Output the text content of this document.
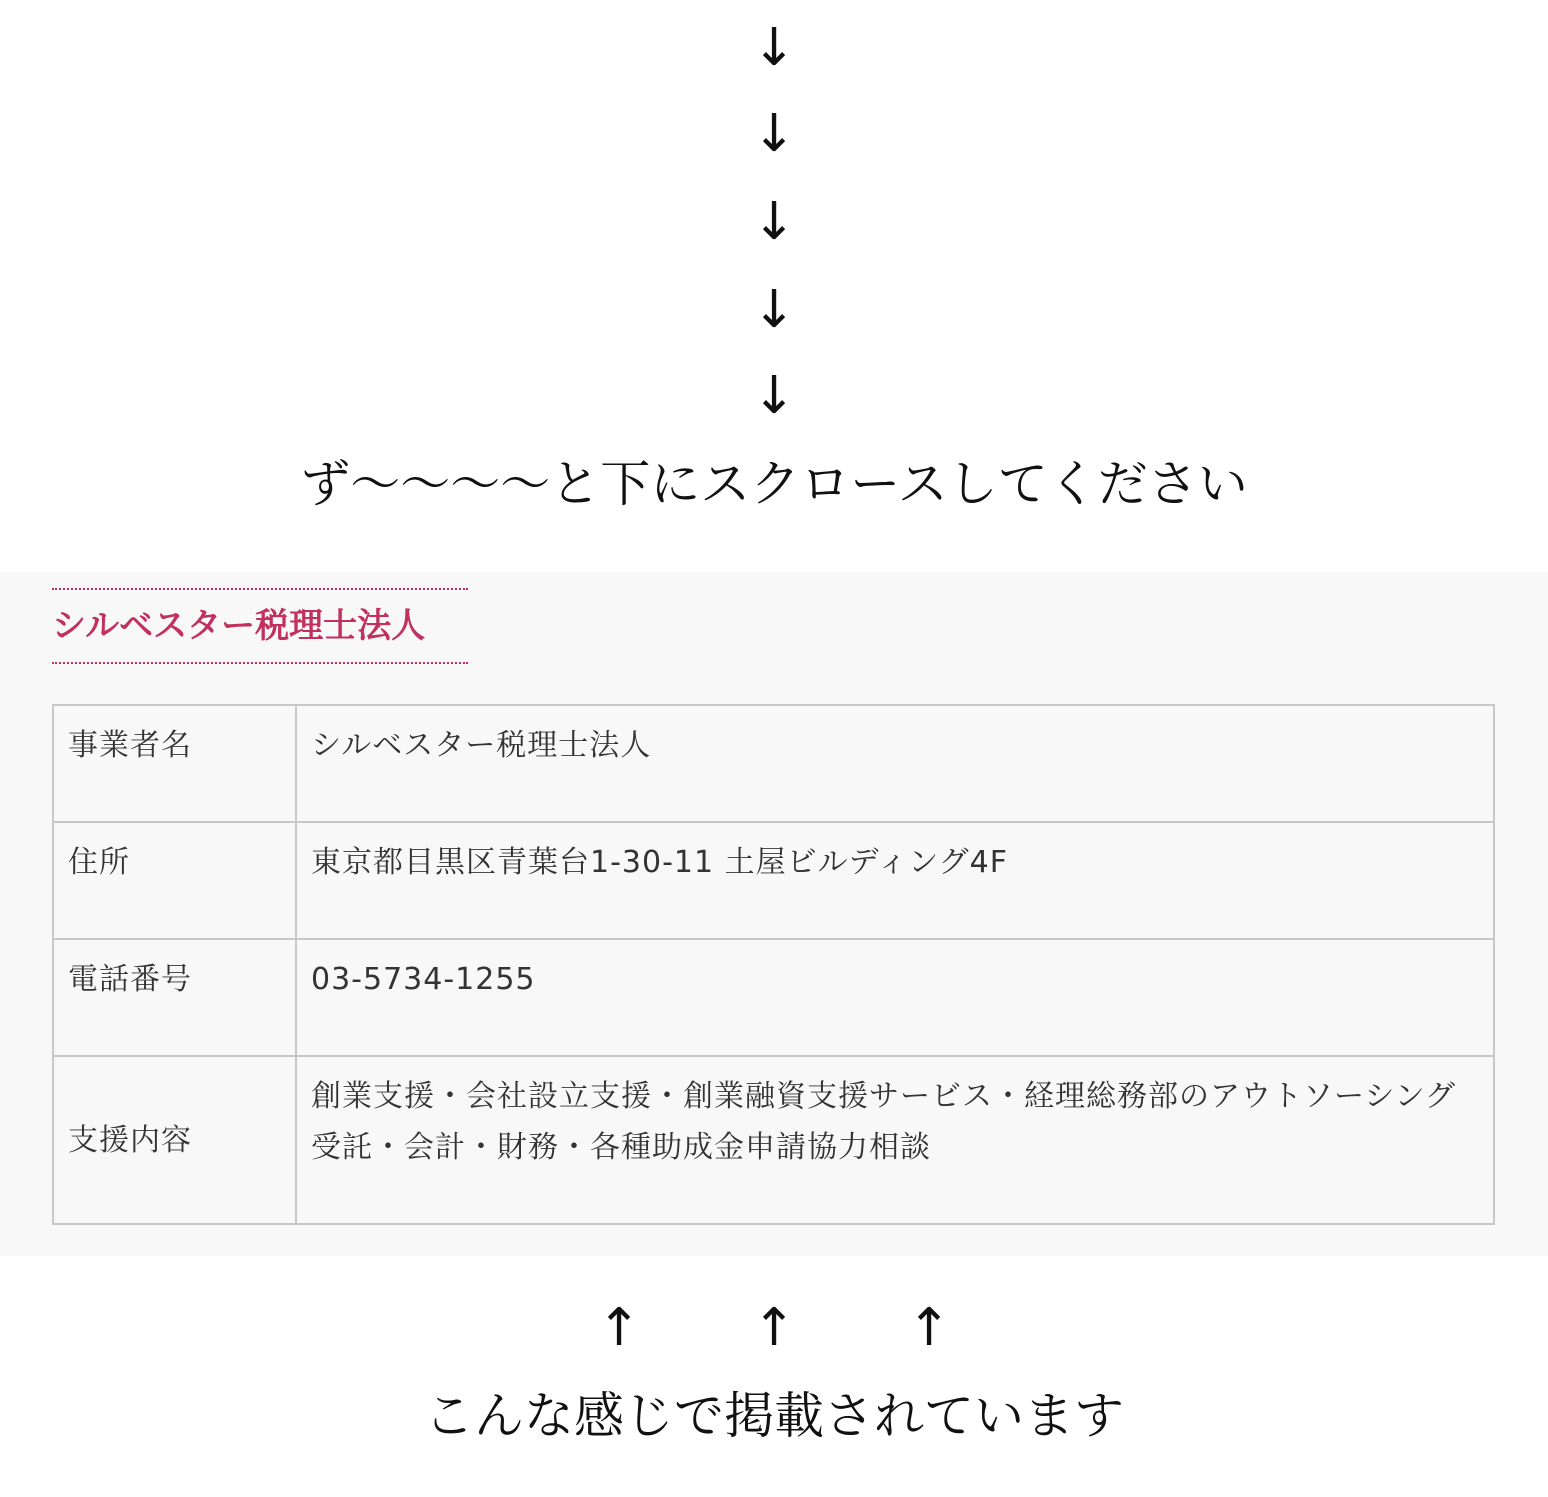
↓
↓
↓
↓
↓
ず〜〜〜〜と下にスクロースしてください
シルベスター税理士法人
事業者名	シルベスター税理士法人
住所	東京都目黒区青葉台1-30-11 土屋ビルディング4F
電話番号	03-5734-1255
支援内容	創業支援・会社設立支援・創業融資支援サービス・経理総務部のアウトソーシング受託・会計・財務・各種助成金申請協力相談
↑ ↑ ↑
こんな感じで掲載されています
